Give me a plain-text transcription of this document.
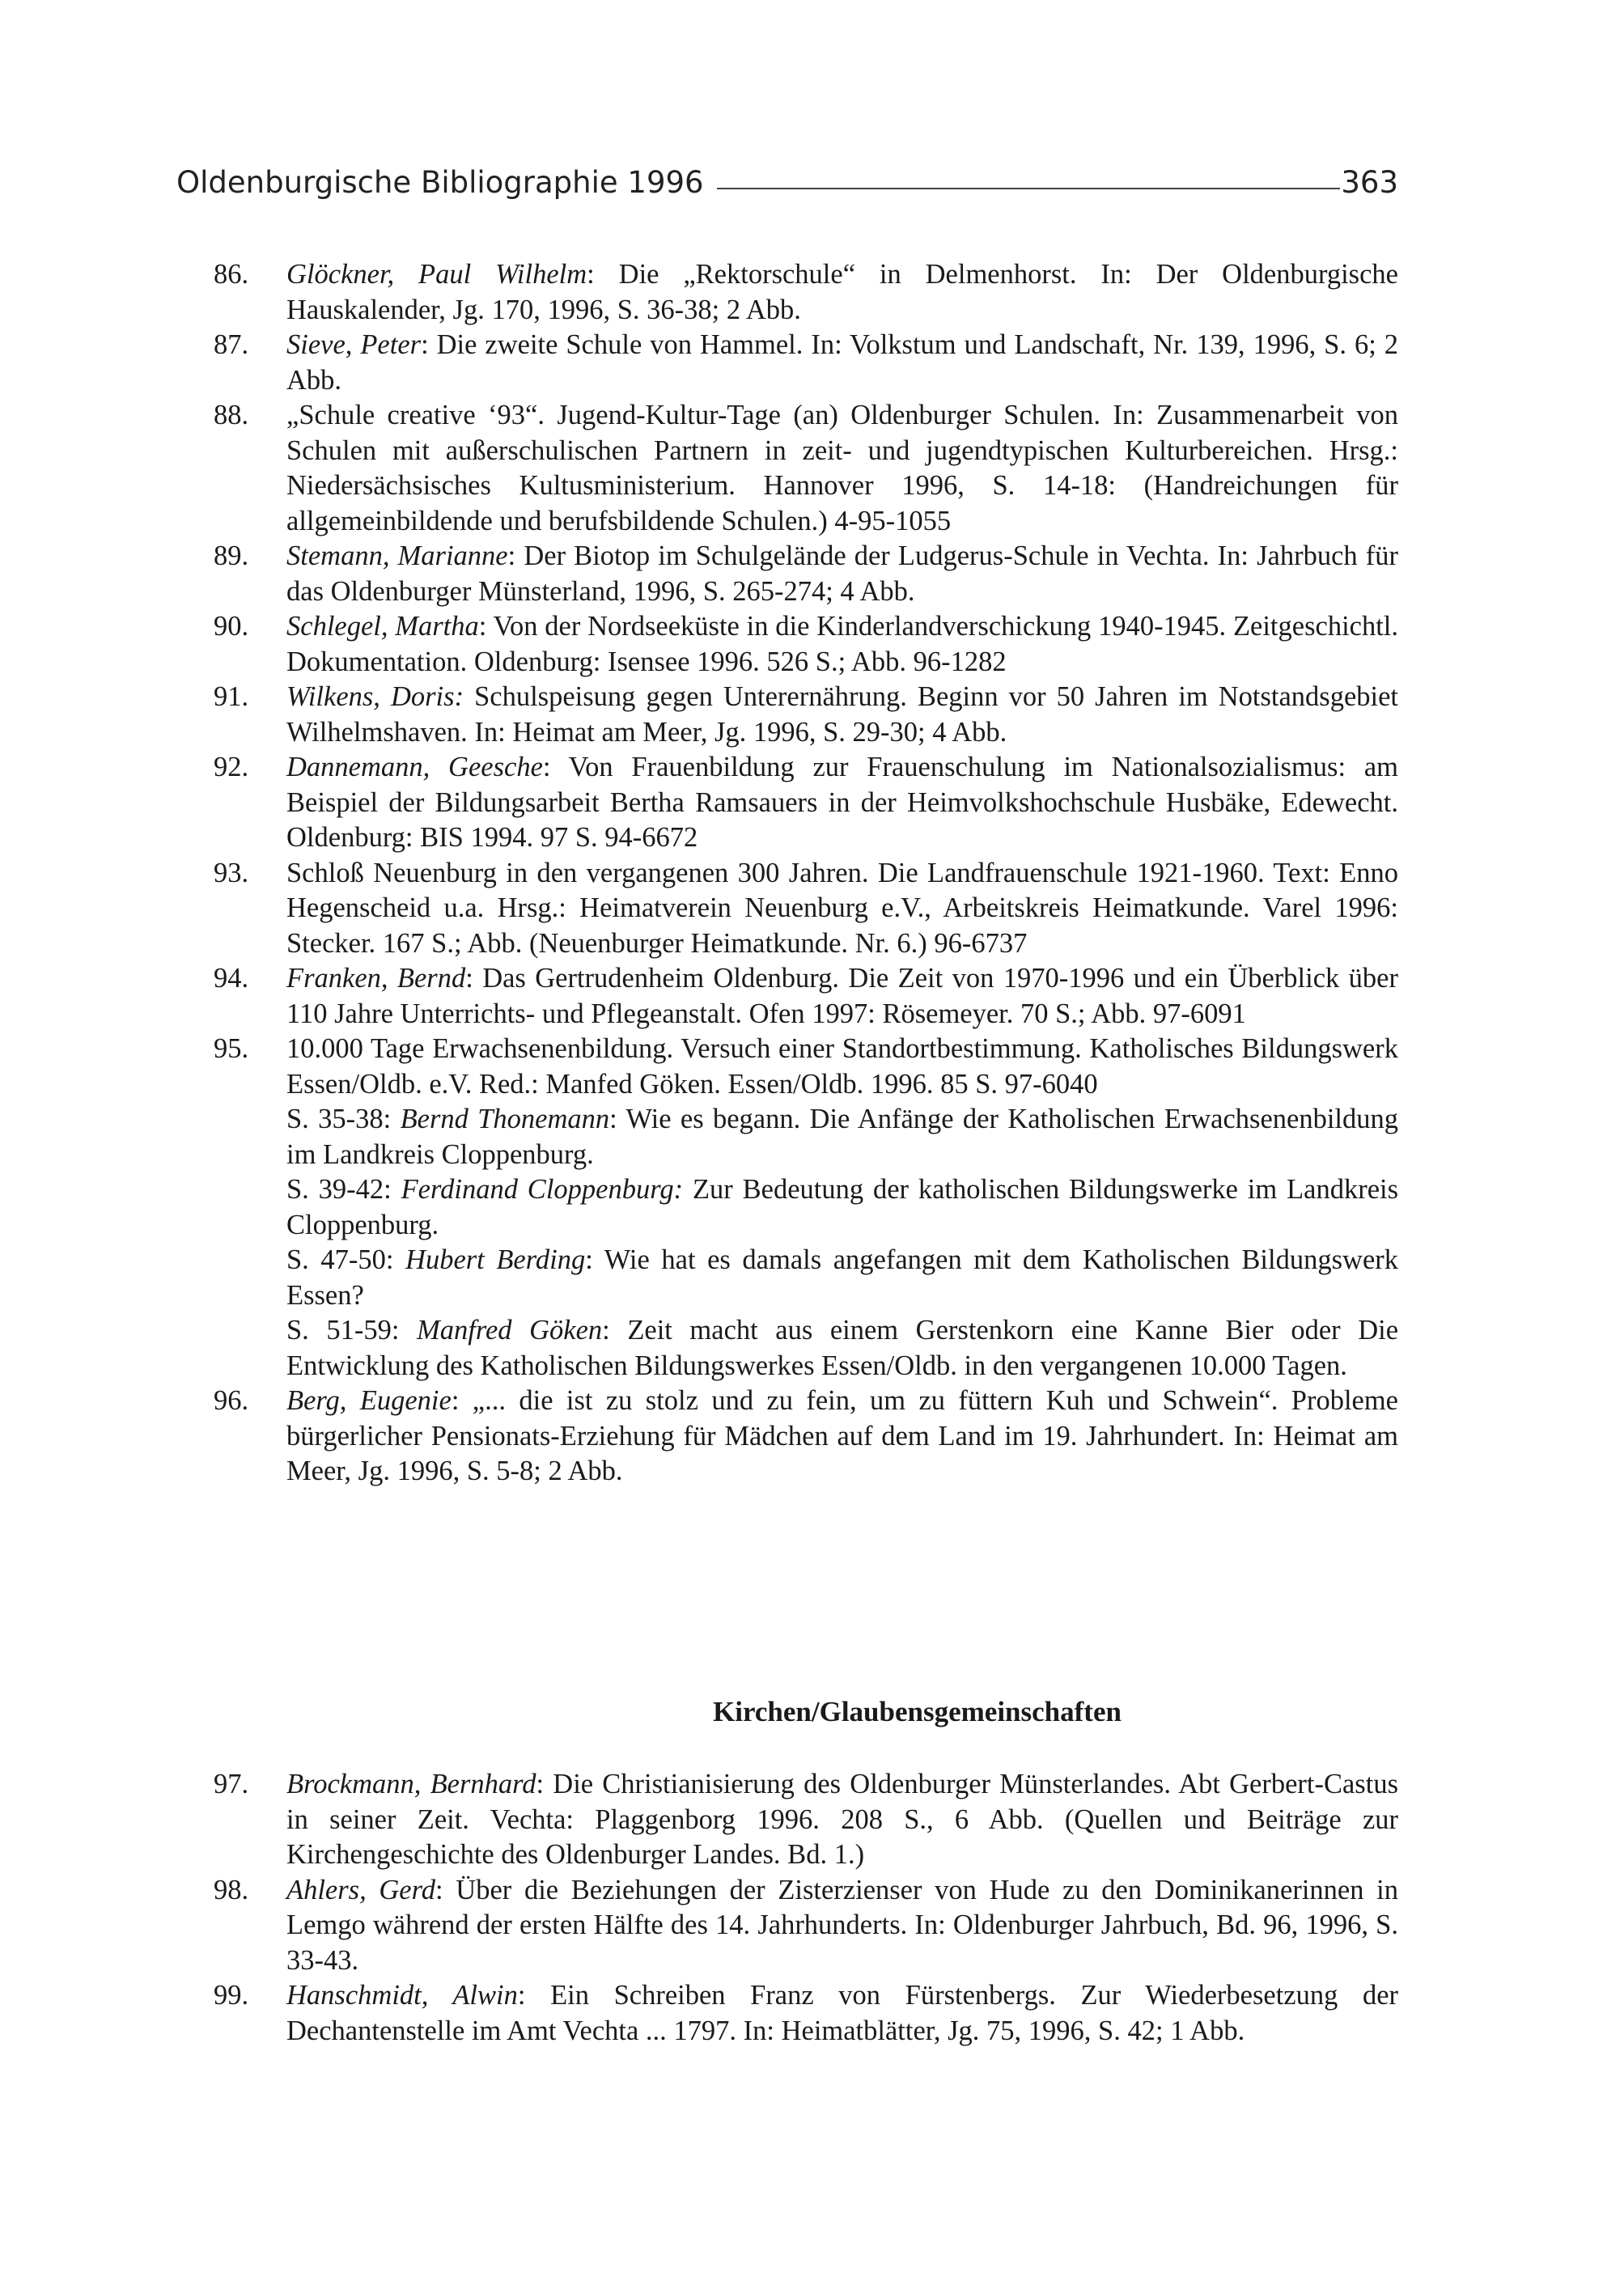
Oldenburgische Bibliographie 1996	363

86. Glöckner, Paul Wilhelm: Die „Rektorschule“ in Delmenhorst. In: Der Oldenburgische Hauskalender, Jg. 170, 1996, S. 36-38; 2 Abb.

87. Sieve, Peter: Die zweite Schule von Hammel. In: Volkstum und Landschaft, Nr. 139, 1996, S. 6; 2 Abb.

88. „Schule creative ‘93“. Jugend-Kultur-Tage (an) Oldenburger Schulen. In: Zusammenarbeit von Schulen mit außerschulischen Partnern in zeit- und jugendtypischen Kulturbereichen. Hrsg.: Niedersächsisches Kultusministerium. Hannover 1996, S. 14-18: (Handreichungen für allgemeinbildende und berufsbildende Schulen.) 4-95-1055

89. Stemann, Marianne: Der Biotop im Schulgelände der Ludgerus-Schule in Vechta. In: Jahrbuch für das Oldenburger Münsterland, 1996, S. 265-274; 4 Abb.

90. Schlegel, Martha: Von der Nordseeküste in die Kinderlandverschickung 1940-1945. Zeitgeschichtl. Dokumentation. Oldenburg: Isensee 1996. 526 S.; Abb. 96-1282

91. Wilkens, Doris: Schulspeisung gegen Unterernährung. Beginn vor 50 Jahren im Notstandsgebiet Wilhelmshaven. In: Heimat am Meer, Jg. 1996, S. 29-30; 4 Abb.

92. Dannemann, Geesche: Von Frauenbildung zur Frauenschulung im Nationalsozialismus: am Beispiel der Bildungsarbeit Bertha Ramsauers in der Heimvolkshochschule Husbäke, Edewecht. Oldenburg: BIS 1994. 97 S. 94-6672

93. Schloß Neuenburg in den vergangenen 300 Jahren. Die Landfrauenschule 1921-1960. Text: Enno Hegenscheid u.a. Hrsg.: Heimatverein Neuenburg e.V., Arbeitskreis Heimatkunde. Varel 1996: Stecker. 167 S.; Abb. (Neuenburger Heimatkunde. Nr. 6.) 96-6737

94. Franken, Bernd: Das Gertrudenheim Oldenburg. Die Zeit von 1970-1996 und ein Überblick über 110 Jahre Unterrichts- und Pflegeanstalt. Ofen 1997: Rösemeyer. 70 S.; Abb. 97-6091

95. 10.000 Tage Erwachsenenbildung. Versuch einer Standortbestimmung. Katholisches Bildungswerk Essen/Oldb. e.V. Red.: Manfed Göken. Essen/Oldb. 1996. 85 S. 97-6040

S. 35-38: Bernd Thonemann: Wie es begann. Die Anfänge der Katholischen Erwachsenenbildung im Landkreis Cloppenburg.

S. 39-42: Ferdinand Cloppenburg: Zur Bedeutung der katholischen Bildungswerke im Landkreis Cloppenburg.

S. 47-50: Hubert Berding: Wie hat es damals angefangen mit dem Katholischen Bildungswerk Essen?

S. 51-59: Manfred Göken: Zeit macht aus einem Gerstenkorn eine Kanne Bier oder Die Entwicklung des Katholischen Bildungswerkes Essen/Oldb. in den vergangenen 10.000 Tagen.

96. Berg, Eugenie: „... die ist zu stolz und zu fein, um zu füttern Kuh und Schwein“. Probleme bürgerlicher Pensionats-Erziehung für Mädchen auf dem Land im 19. Jahrhundert. In: Heimat am Meer, Jg. 1996, S. 5-8; 2 Abb.

Kirchen/Glaubensgemeinschaften

97. Brockmann, Bernhard: Die Christianisierung des Oldenburger Münsterlandes. Abt Gerbert-Castus in seiner Zeit. Vechta: Plaggenborg 1996. 208 S., 6 Abb. (Quellen und Beiträge zur Kirchengeschichte des Oldenburger Landes. Bd. 1.)

98. Ahlers, Gerd: Über die Beziehungen der Zisterzienser von Hude zu den Dominikanerinnen in Lemgo während der ersten Hälfte des 14. Jahrhunderts. In: Oldenburger Jahrbuch, Bd. 96, 1996, S. 33-43.

99. Hanschmidt, Alwin: Ein Schreiben Franz von Fürstenbergs. Zur Wiederbesetzung der Dechantenstelle im Amt Vechta ... 1797. In: Heimatblätter, Jg. 75, 1996, S. 42; 1 Abb.
